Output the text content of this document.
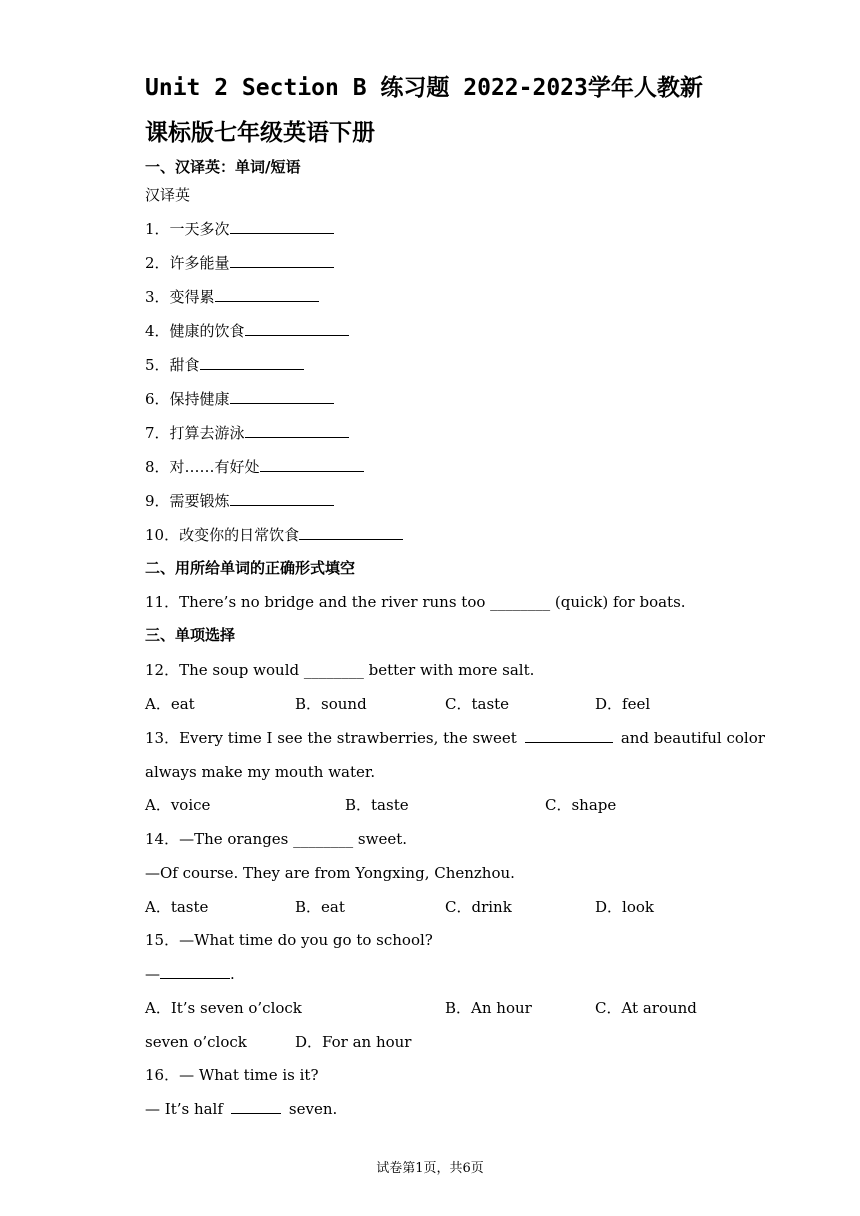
Unit 2 Section B 练习题 2022-2023学年人教新
课标版七年级英语下册
一、汉译英：单词/短语
汉译英
1．一天多次
2．许多能量
3．变得累
4．健康的饮食
5．甜食
6．保持健康
7．打算去游泳
8．对……有好处
9．需要锻炼
10．改变你的日常饮食
二、用所给单词的正确形式填空
11．There’s no bridge and the river runs too ________ (quick) for boats.
三、单项选择
12．The soup would ________ better with more salt.
A．eat	B．sound	C．taste	D．feel
13．Every time I see the strawberries, the sweet	and beautiful color
always make my mouth water.
A．voice	B．taste	C．shape
14．—The oranges ________ sweet.
—Of course. They are from Yongxing, Chenzhou.
A．taste	B．eat	C．drink	D．look
15．—What time do you go to school?
—	.
A．It’s seven o’clock	B．An hour	C．At around
seven o’clock	D．For an hour
16．— What time is it?
— It’s half	seven.
试卷第1页，共6页
